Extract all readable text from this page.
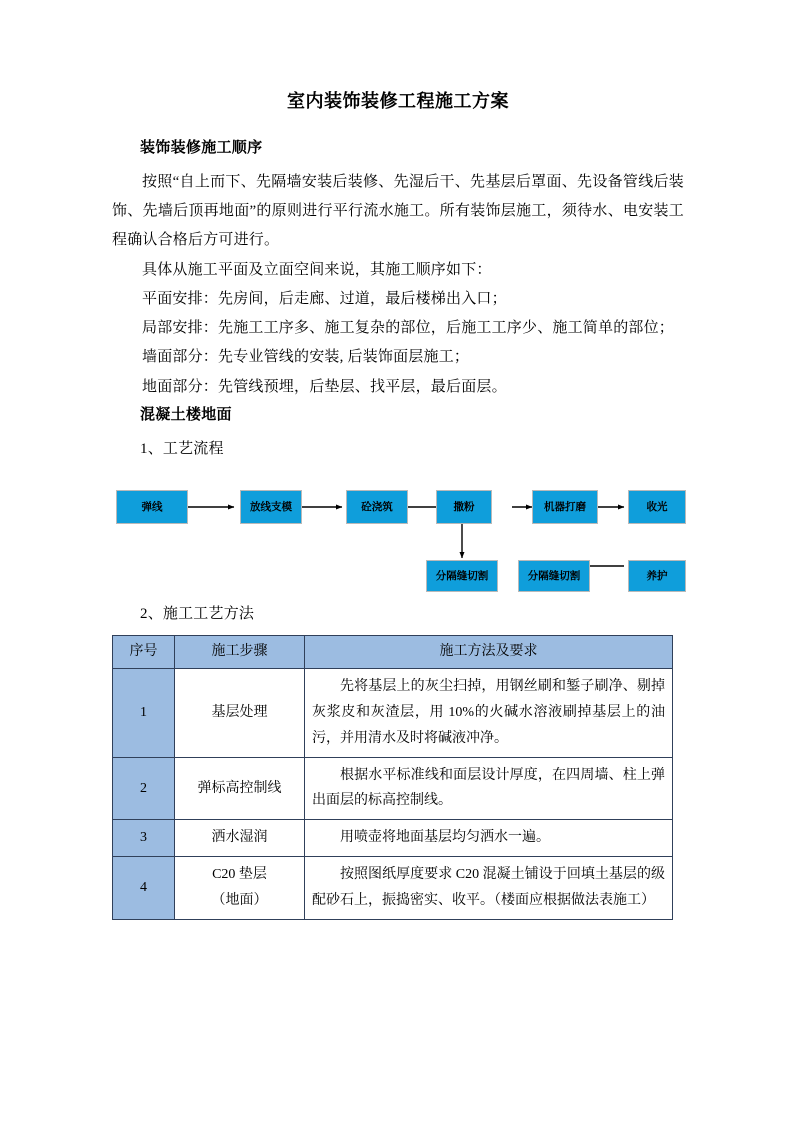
室内装饰装修工程施工方案
装饰装修施工顺序

按照“自上而下、先隔墙安装后装修、先湿后干、先基层后罩面、先设备管线后装饰、先墙后顶再地面”的原则进行平行流水施工。所有装饰层施工，须待水、电安装工程确认合格后方可进行。

具体从施工平面及立面空间来说，其施工顺序如下：

平面安排：先房间，后走廊、过道，最后楼梯出入口；

局部安排：先施工工序多、施工复杂的部位，后施工工序少、施工简单的部位；

墙面部分：先专业管线的安装, 后装饰面层施工；

地面部分：先管线预埋，后垫层、找平层，最后面层。

混凝土楼地面

1、工艺流程

弹线	放线支模	砼浇筑	撒粉	机器打磨	收光
分隔缝切割	分隔缝切割	养护

2、施工工艺方法

序号	施工步骤	施工方法及要求
1	基层处理	先将基层上的灰尘扫掉，用钢丝刷和錾子刷净、剔掉灰浆皮和灰渣层，用 10%的火碱水溶液刷掉基层上的油污，并用清水及时将碱液冲净。
2	弹标高控制线	根据水平标准线和面层设计厚度，在四周墙、柱上弹出面层的标高控制线。
3	洒水湿润	用喷壶将地面基层均匀洒水一遍。
4	C20 垫层
（地面）	按照图纸厚度要求 C20 混凝土铺设于回填土基层的级配砂石上，振捣密实、收平。（楼面应根据做法表施工）
